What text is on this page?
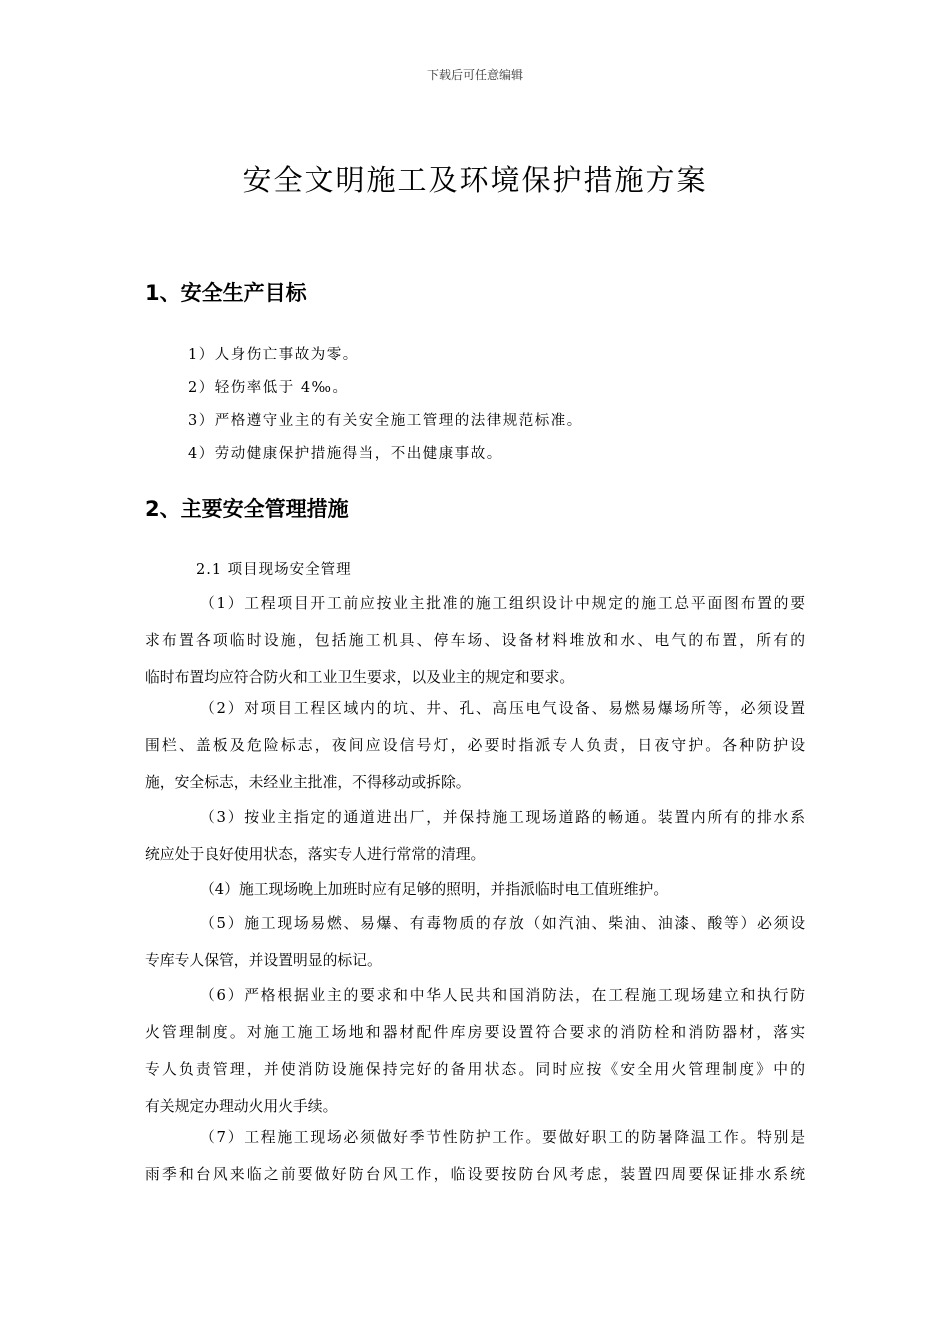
下载后可任意编辑
安全文明施工及环境保护措施方案
1、安全生产目标
1）人身伤亡事故为零。
2）轻伤率低于 4‰。
3）严格遵守业主的有关安全施工管理的法律规范标准。
4）劳动健康保护措施得当，不出健康事故。
2、主要安全管理措施
2.1 项目现场安全管理
（1）工程项目开工前应按业主批准的施工组织设计中规定的施工总平面图布置的要
求布置各项临时设施，包括施工机具、停车场、设备材料堆放和水、电气的布置，所有的
临时布置均应符合防火和工业卫生要求，以及业主的规定和要求。
（2）对项目工程区域内的坑、井、孔、高压电气设备、易燃易爆场所等，必须设置
围栏、盖板及危险标志，夜间应设信号灯，必要时指派专人负责，日夜守护。各种防护设
施，安全标志，未经业主批准，不得移动或拆除。
（3）按业主指定的通道进出厂，并保持施工现场道路的畅通。装置内所有的排水系
统应处于良好使用状态，落实专人进行常常的清理。
（4）施工现场晚上加班时应有足够的照明，并指派临时电工值班维护。
（5）施工现场易燃、易爆、有毒物质的存放（如汽油、柴油、油漆、酸等）必须设
专库专人保管，并设置明显的标记。
（6）严格根据业主的要求和中华人民共和国消防法，在工程施工现场建立和执行防
火管理制度。对施工施工场地和器材配件库房要设置符合要求的消防栓和消防器材，落实
专人负责管理，并使消防设施保持完好的备用状态。同时应按《安全用火管理制度》中的
有关规定办理动火用火手续。
（7）工程施工现场必须做好季节性防护工作。要做好职工的防暑降温工作。特别是
雨季和台风来临之前要做好防台风工作，临设要按防台风考虑，装置四周要保证排水系统
